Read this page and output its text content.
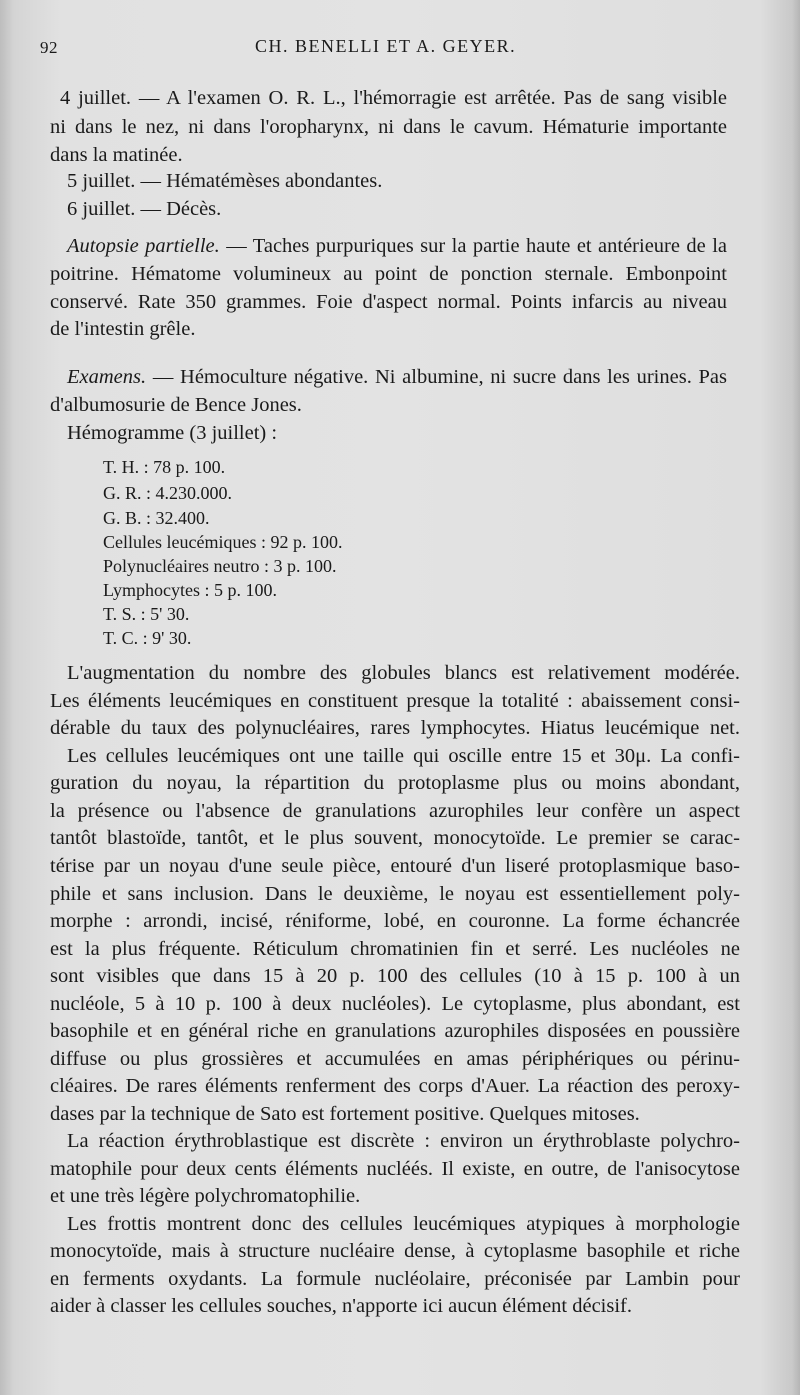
92	CH. BENELLI ET A. GEYER.
4 juillet. — A l'examen O. R. L., l'hémorragie est arrêtée. Pas de sang visible
ni dans le nez, ni dans l'oropharynx, ni dans le cavum. Hématurie importante
dans la matinée.
5 juillet. — Hématémèses abondantes.
6 juillet. — Décès.
Autopsie partielle. — Taches purpuriques sur la partie haute et antérieure de la
poitrine. Hématome volumineux au point de ponction sternale. Embonpoint
conservé. Rate 350 grammes. Foie d'aspect normal. Points infarcis au niveau
de l'intestin grêle.
Examens. — Hémoculture négative. Ni albumine, ni sucre dans les urines. Pas
d'albumosurie de Bence Jones.
Hémogramme (3 juillet) :
T. H. : 78 p. 100.
G. R. : 4.230.000.
G. B. : 32.400.
Cellules leucémiques : 92 p. 100.
Polynucléaires neutro : 3 p. 100.
Lymphocytes : 5 p. 100.
T. S. : 5' 30.
T. C. : 9' 30.
L'augmentation du nombre des globules blancs est relativement modérée.
Les éléments leucémiques en constituent presque la totalité : abaissement consi-
dérable du taux des polynucléaires, rares lymphocytes. Hiatus leucémique net.
Les cellules leucémiques ont une taille qui oscille entre 15 et 30μ. La confi-
guration du noyau, la répartition du protoplasme plus ou moins abondant,
la présence ou l'absence de granulations azurophiles leur confère un aspect
tantôt blastoïde, tantôt, et le plus souvent, monocytoïde. Le premier se carac-
térise par un noyau d'une seule pièce, entouré d'un liseré protoplasmique baso-
phile et sans inclusion. Dans le deuxième, le noyau est essentiellement poly-
morphe : arrondi, incisé, réniforme, lobé, en couronne. La forme échancrée
est la plus fréquente. Réticulum chromatinien fin et serré. Les nucléoles ne
sont visibles que dans 15 à 20 p. 100 des cellules (10 à 15 p. 100 à un
nucléole, 5 à 10 p. 100 à deux nucléoles). Le cytoplasme, plus abondant, est
basophile et en général riche en granulations azurophiles disposées en poussière
diffuse ou plus grossières et accumulées en amas périphériques ou périnu-
cléaires. De rares éléments renferment des corps d'Auer. La réaction des peroxy-
dases par la technique de Sato est fortement positive. Quelques mitoses.
La réaction érythroblastique est discrète : environ un érythroblaste polychro-
matophile pour deux cents éléments nucléés. Il existe, en outre, de l'anisocytose
et une très légère polychromatophilie.
Les frottis montrent donc des cellules leucémiques atypiques à morphologie
monocytoïde, mais à structure nucléaire dense, à cytoplasme basophile et riche
en ferments oxydants. La formule nucléolaire, préconisée par Lambin pour
aider à classer les cellules souches, n'apporte ici aucun élément décisif.
